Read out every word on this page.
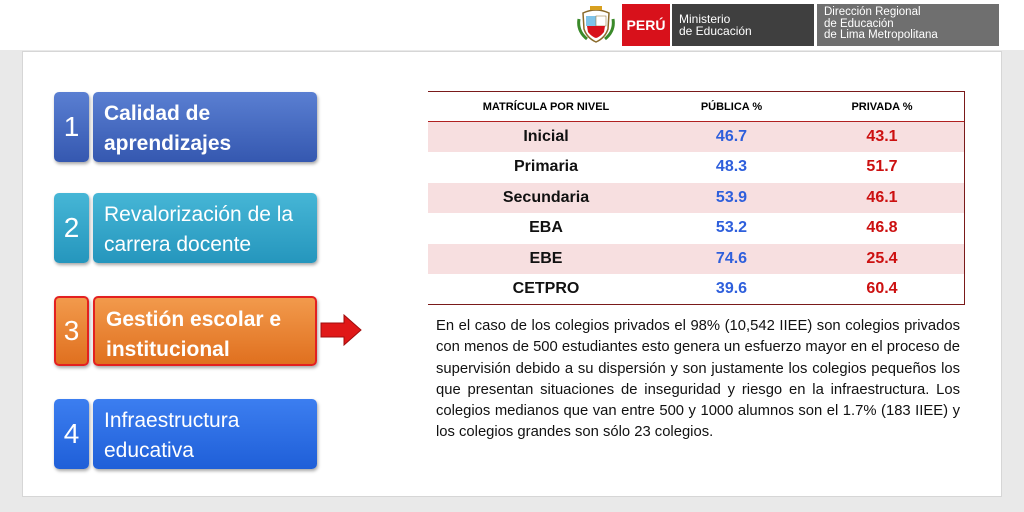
PERÚ	Ministerio
de Educación
Dirección Regional
de Educación
de Lima Metropolitana
1	Calidad de aprendizajes
2	Revalorización de la carrera docente
3	Gestión escolar e institucional
4	Infraestructura educativa
MATRÍCULA POR NIVEL	PÚBLICA %	PRIVADA %
Inicial	46.7	43.1
Primaria	48.3	51.7
Secundaria	53.9	46.1
EBA	53.2	46.8
EBE	74.6	25.4
CETPRO	39.6	60.4

En el caso de los colegios privados el 98% (10,542 IIEE) son colegios privados con menos de 500 estudiantes esto genera un esfuerzo mayor en el proceso de supervisión debido a su dispersión y son justamente los colegios pequeños los que presentan situaciones de inseguridad y riesgo en la infraestructura. Los colegios medianos que van entre 500 y 1000 alumnos son el 1.7% (183 IIEE) y los colegios grandes son sólo 23 colegios.
